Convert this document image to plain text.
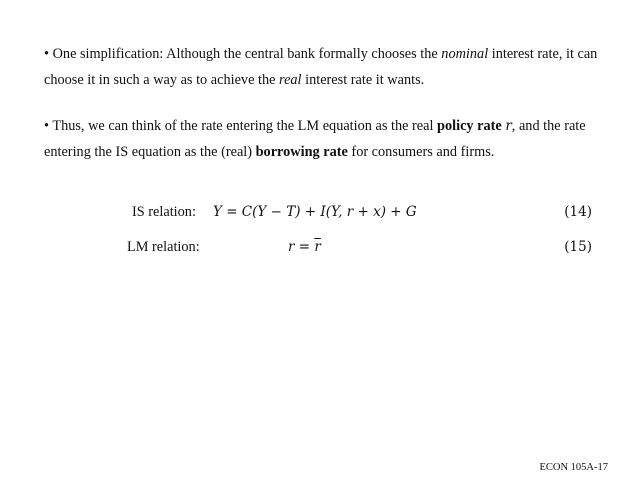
• One simplification: Although the central bank formally chooses the nominal interest rate, it can choose it in such a way as to achieve the real interest rate it wants.
• Thus, we can think of the rate entering the LM equation as the real policy rate r, and the rate entering the IS equation as the (real) borrowing rate for consumers and firms.
IS relation: Y = C(Y − T) + I(Y, r + x) + G	(14)
LM relation:	$r = \overline{r}$	(15)
ECON 105A-17
